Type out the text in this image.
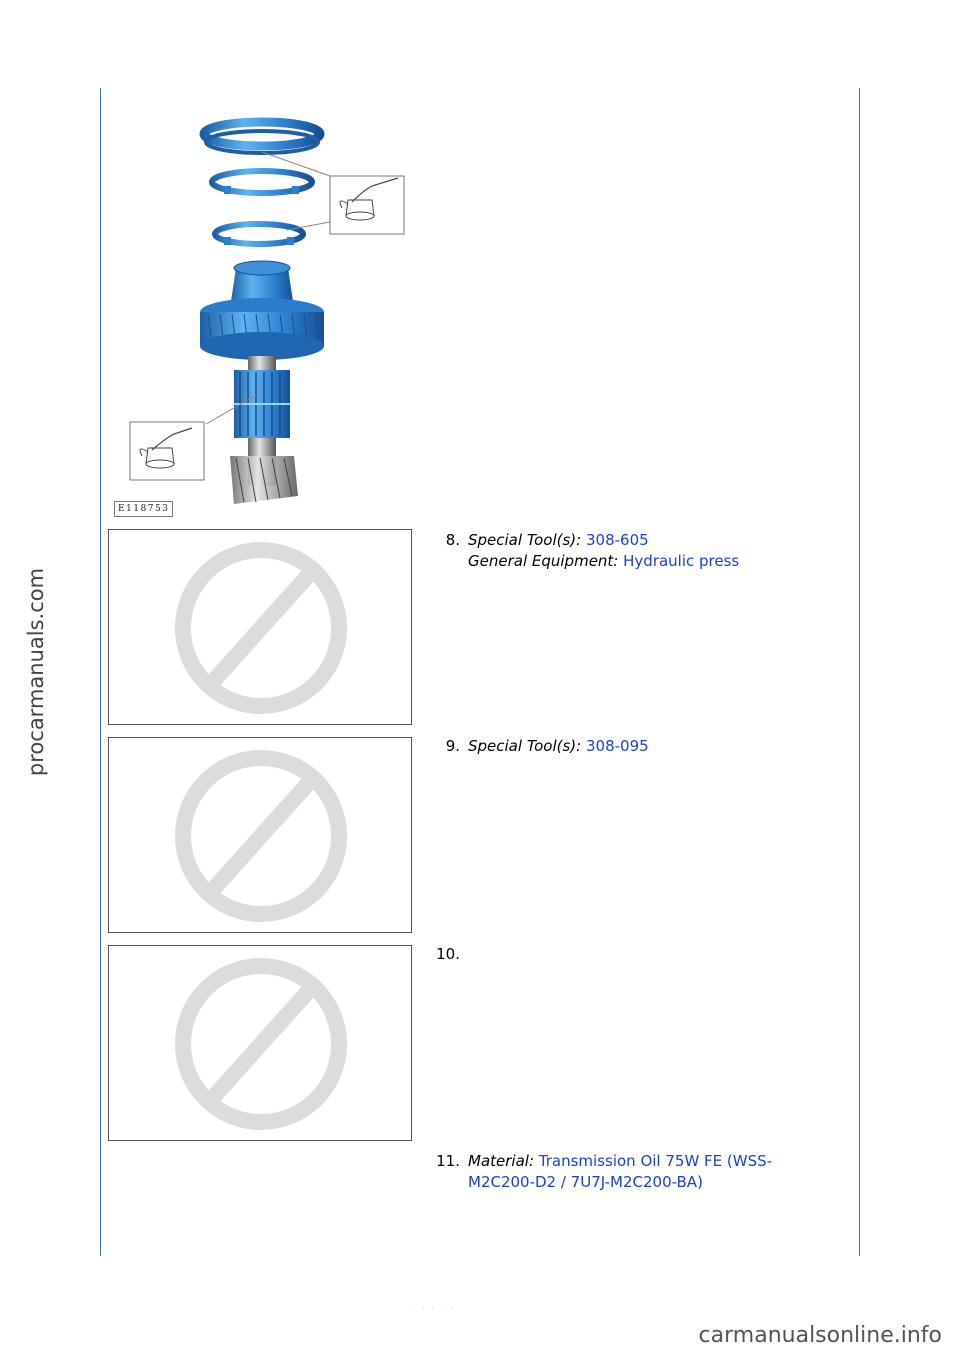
procarmanuals.com
E118753
8. Special Tool(s): 308-605
General Equipment: Hydraulic press
9. Special Tool(s): 308-095
10.
11. Material: Transmission Oil 75W FE (WSS-M2C200-D2 / 7U7J-M2C200-BA)
· · · · ·
carmanualsonline.info
